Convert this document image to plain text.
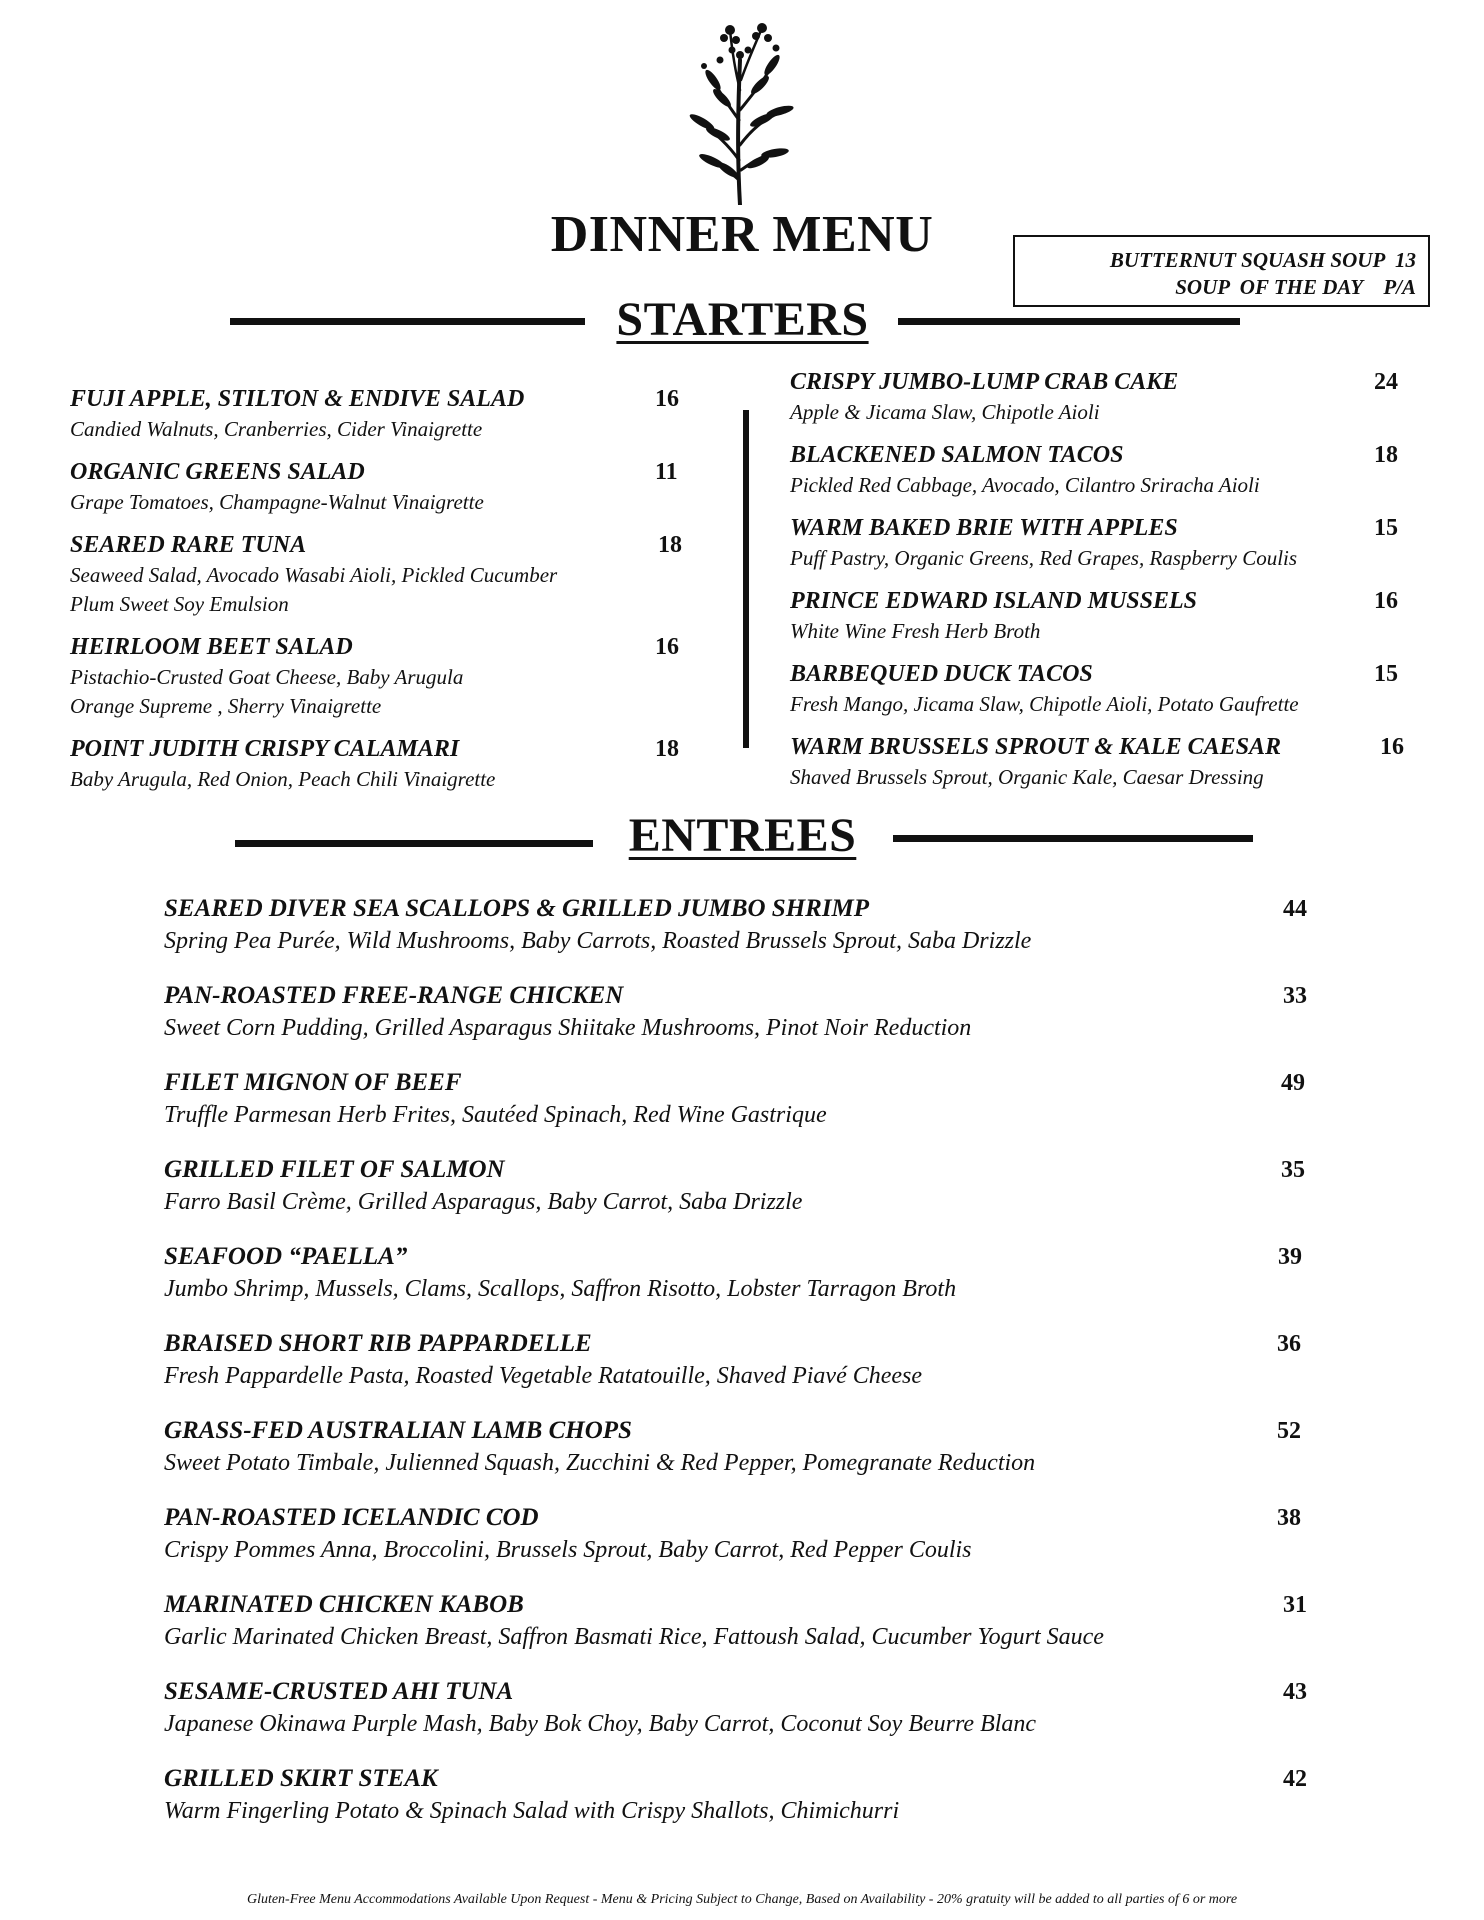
DINNER MENU	BUTTERNUT SQUASH SOUP  13
SOUP  OF THE DAY    P/A
STARTERS
FUJI APPLE, STILTON & ENDIVE SALAD	16
Candied Walnuts, Cranberries, Cider Vinaigrette
ORGANIC GREENS SALAD	11
Grape Tomatoes, Champagne-Walnut Vinaigrette
SEARED RARE TUNA	18
Seaweed Salad, Avocado Wasabi Aioli, Pickled Cucumber
Plum Sweet Soy Emulsion
HEIRLOOM BEET SALAD	16
Pistachio-Crusted Goat Cheese, Baby Arugula
Orange Supreme , Sherry Vinaigrette
POINT JUDITH CRISPY CALAMARI	18
Baby Arugula, Red Onion, Peach Chili Vinaigrette
CRISPY JUMBO-LUMP CRAB CAKE	24
Apple & Jicama Slaw, Chipotle Aioli
BLACKENED SALMON TACOS	18
Pickled Red Cabbage, Avocado, Cilantro Sriracha Aioli
WARM BAKED BRIE WITH APPLES	15
Puff Pastry, Organic Greens, Red Grapes, Raspberry Coulis
PRINCE EDWARD ISLAND MUSSELS	16
White Wine Fresh Herb Broth
BARBEQUED DUCK TACOS	15
Fresh Mango, Jicama Slaw, Chipotle Aioli, Potato Gaufrette
WARM BRUSSELS SPROUT & KALE CAESAR	16
Shaved Brussels Sprout, Organic Kale, Caesar Dressing
ENTREES
SEARED DIVER SEA SCALLOPS & GRILLED JUMBO SHRIMP	44
Spring Pea Purée, Wild Mushrooms, Baby Carrots, Roasted Brussels Sprout, Saba Drizzle
PAN-ROASTED FREE-RANGE CHICKEN	33
Sweet Corn Pudding, Grilled Asparagus Shiitake Mushrooms, Pinot Noir Reduction
FILET MIGNON OF BEEF	49
Truffle Parmesan Herb Frites, Sautéed Spinach, Red Wine Gastrique
GRILLED FILET OF SALMON	35
Farro Basil Crème, Grilled Asparagus, Baby Carrot, Saba Drizzle
SEAFOOD “PAELLA”	39
Jumbo Shrimp, Mussels, Clams, Scallops, Saffron Risotto, Lobster Tarragon Broth
BRAISED SHORT RIB PAPPARDELLE	36
Fresh Pappardelle Pasta, Roasted Vegetable Ratatouille, Shaved Piavé Cheese
GRASS-FED AUSTRALIAN LAMB CHOPS	52
Sweet Potato Timbale, Julienned Squash, Zucchini & Red Pepper, Pomegranate Reduction
PAN-ROASTED ICELANDIC COD	38
Crispy Pommes Anna, Broccolini, Brussels Sprout, Baby Carrot, Red Pepper Coulis
MARINATED CHICKEN KABOB	31
Garlic Marinated Chicken Breast, Saffron Basmati Rice, Fattoush Salad, Cucumber Yogurt Sauce
SESAME-CRUSTED AHI TUNA	43
Japanese Okinawa Purple Mash, Baby Bok Choy, Baby Carrot, Coconut Soy Beurre Blanc
GRILLED SKIRT STEAK	42
Warm Fingerling Potato & Spinach Salad with Crispy Shallots, Chimichurri
Gluten-Free Menu Accommodations Available Upon Request - Menu & Pricing Subject to Change, Based on Availability - 20% gratuity will be added to all parties of 6 or more
